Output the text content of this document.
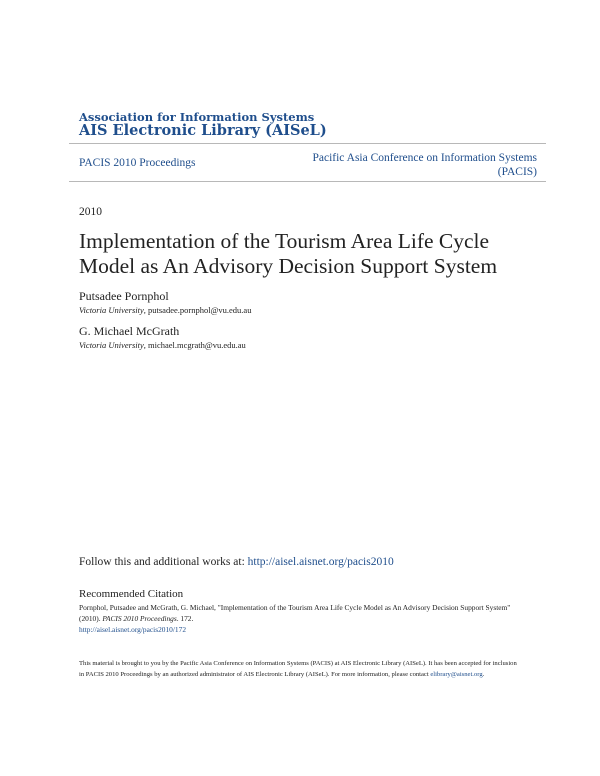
Association for Information Systems
AIS Electronic Library (AISeL)
PACIS 2010 Proceedings	Pacific Asia Conference on Information Systems
(PACIS)
2010
Implementation of the Tourism Area Life Cycle Model as An Advisory Decision Support System
Putsadee Pornphol
Victoria University, putsadee.pornphol@vu.edu.au
G. Michael McGrath
Victoria University, michael.mcgrath@vu.edu.au
Follow this and additional works at: http://aisel.aisnet.org/pacis2010
Recommended Citation
Pornphol, Putsadee and McGrath, G. Michael, "Implementation of the Tourism Area Life Cycle Model as An Advisory Decision Support System" (2010). PACIS 2010 Proceedings. 172.
http://aisel.aisnet.org/pacis2010/172
This material is brought to you by the Pacific Asia Conference on Information Systems (PACIS) at AIS Electronic Library (AISeL). It has been accepted for inclusion in PACIS 2010 Proceedings by an authorized administrator of AIS Electronic Library (AISeL). For more information, please contact elibrary@aisnet.org.
